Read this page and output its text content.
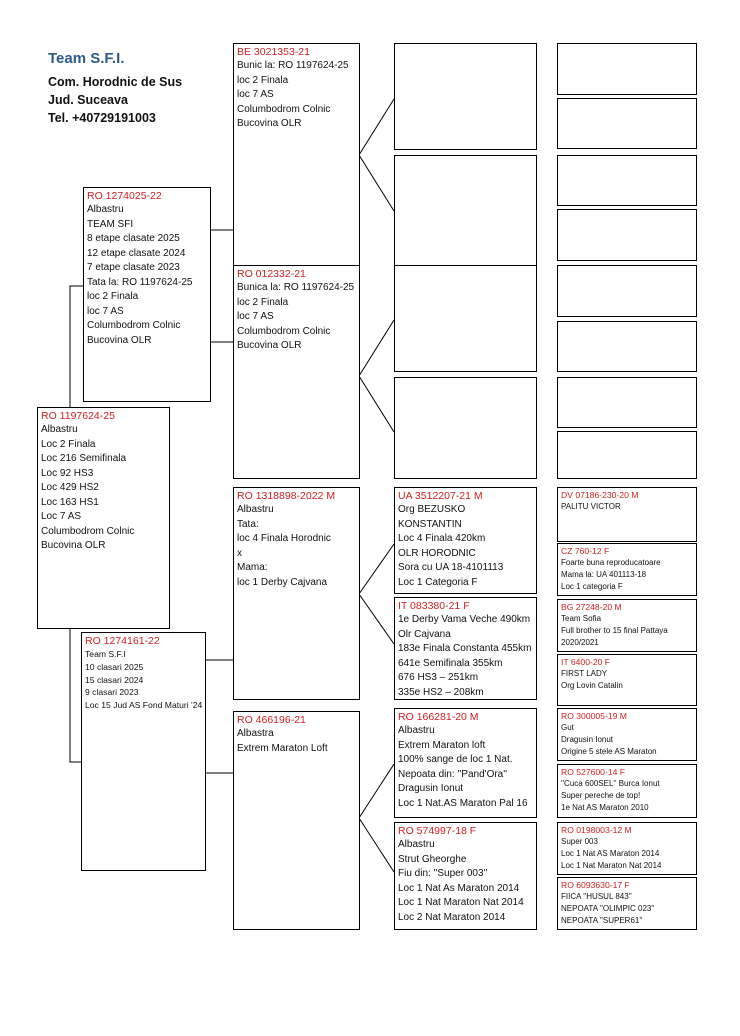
Team S.F.I.
Com. Horodnic de Sus
Jud. Suceava
Tel. +40729191003
RO 1197624-25
Albastru
Loc 2 Finala
Loc 216 Semifinala
Loc 92 HS3
Loc 429 HS2
Loc 163 HS1
Loc 7 AS
Columbodrom Colnic
Bucovina OLR
RO 1274025-22
Albastru
TEAM SFI
8 etape clasate 2025
12 etape clasate 2024
7 etape clasate 2023
Tata la: RO 1197624-25
loc 2 Finala
loc 7 AS
Columbodrom Colnic
Bucovina OLR
RO 1274161-22
Team S.F.I
10 clasari 2025
15 clasari 2024
9 clasari 2023
Loc 15 Jud AS Fond Maturi '24
BE 3021353-21
Bunic la: RO 1197624-25
loc 2 Finala
loc 7 AS
Columbodrom Colnic
Bucovina OLR
RO 012332-21
Bunica la: RO 1197624-25
loc 2 Finala
loc 7 AS
Columbodrom Colnic
Bucovina OLR
RO 1318898-2022 M
Albastru
Tata:
loc 4 Finala Horodnic
x
Mama:
loc 1 Derby Cajvana
RO 466196-21
Albastra
Extrem Maraton Loft
UA 3512207-21 M
Org BEZUSKO
KONSTANTIN
Loc 4 Finala 420km
OLR HORODNIC
Sora cu UA 18-4101113
Loc 1 Categoria F
IT 083380-21 F
1e Derby Vama Veche 490km
Olr Cajvana
183e Finala Constanta 455km
641e Semifinala 355km
676 HS3 – 251km
335e HS2 – 208km
RO 166281-20 M
Albastru
Extrem Maraton loft
100% sange de loc 1 Nat.
Nepoata din: ''Pand'Ora''
Dragusin Ionut
Loc 1 Nat.AS Maraton Pal 16
RO 574997-18 F
Albastru
Strut Gheorghe
Fiu din: ''Super 003''
Loc 1 Nat As Maraton 2014
Loc 1 Nat Maraton Nat 2014
Loc 2 Nat Maraton 2014
DV 07186-230-20 M
PALITU VICTOR
CZ 760-12 F
Foarte buna reproducatoare
Mama la: UA 401113-18
Loc 1 categoria F
BG 27248-20 M
Team Sofia
Full brother to 15 final Pattaya
2020/2021
IT 6400-20 F
FIRST LADY
Org Lovin Catalin
RO 300005-19 M
Gut
Dragusin Ionut
Origine 5 stele AS Maraton
RO 527600-14 F
''Cuca 600SEL'' Burca Ionut
Super pereche de top!
1e Nat AS Maraton 2010
RO 0198003-12 M
Super 003
Loc 1 Nat AS Maraton 2014
Loc 1 Nat Maraton Nat 2014
RO 6093630-17 F
FIICA ''HUSUL 843''
NEPOATA ''OLIMPIC 023''
NEPOATA ''SUPER61''
